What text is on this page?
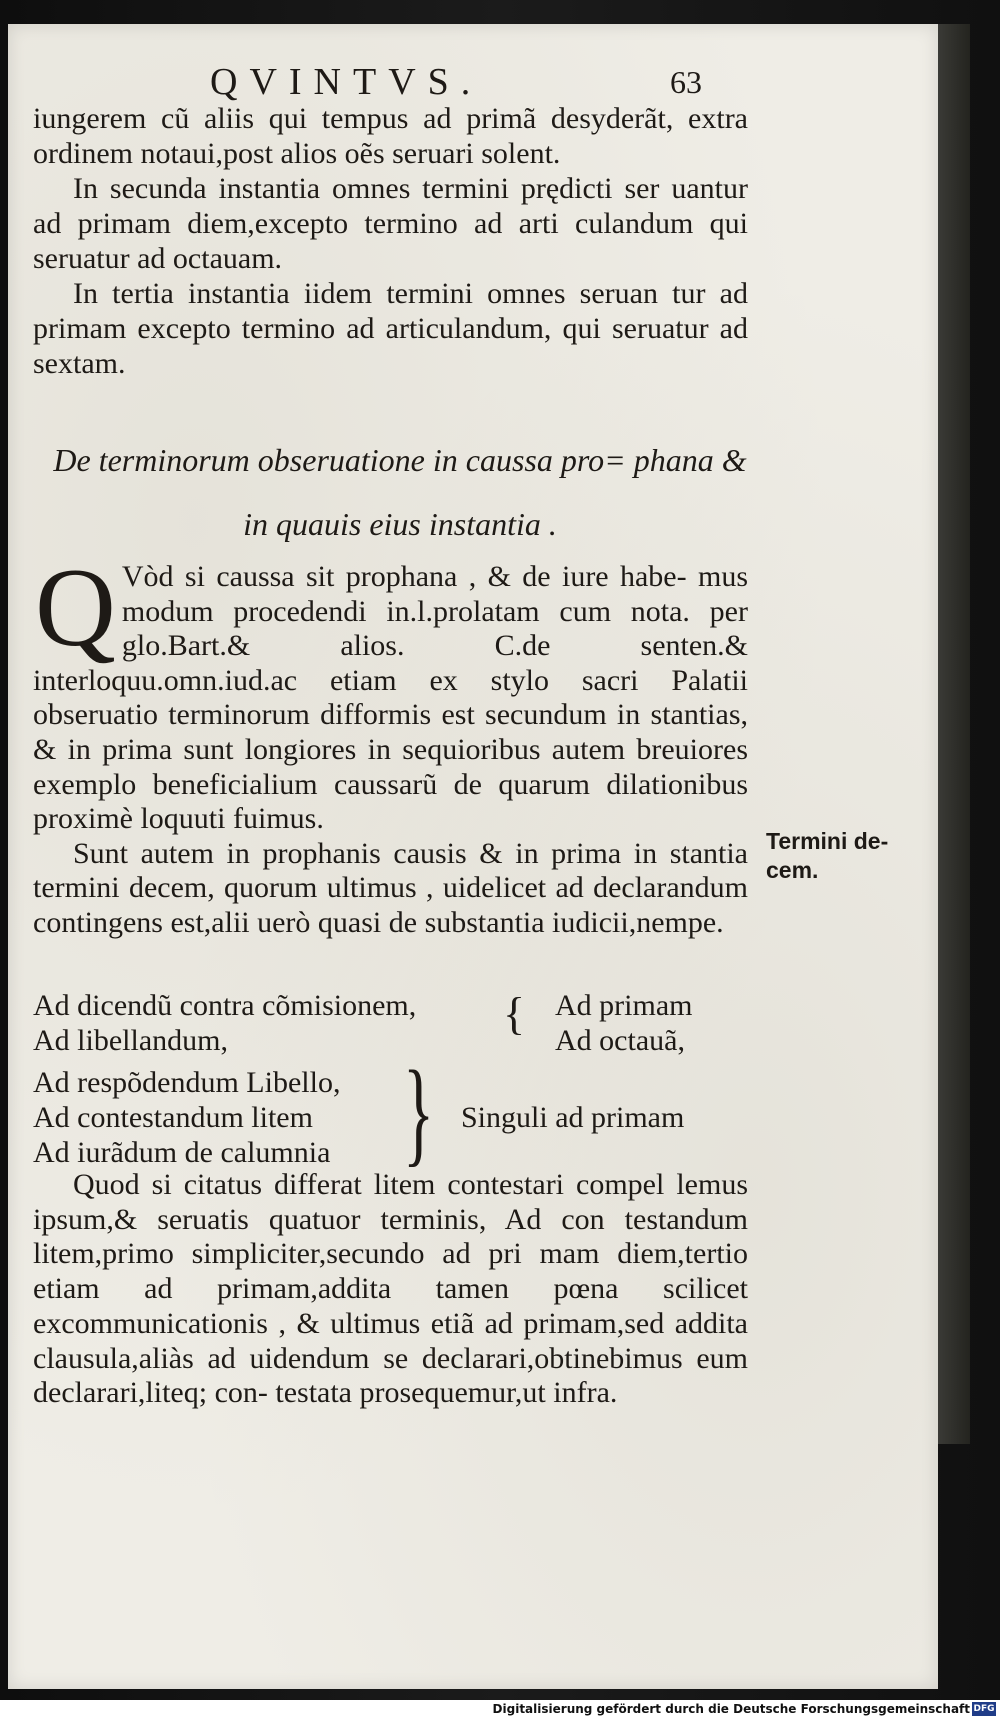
QVINTVS.	63

iungerem cũ aliis qui tempus ad primã desyderãt, extra ordinem notaui,post alios oẽs seruari solent.

In secunda instantia omnes termini prędicti ser uantur ad primam diem,excepto termino ad arti culandum qui seruatur ad octauam.

In tertia instantia iidem termini omnes seruan tur ad primam excepto termino ad articulandum, qui seruatur ad sextam.

De terminorum obseruatione in caussa pro= phana & in quauis eius instantia .

Q Vòd si caussa sit prophana , & de iure habe- mus modum procedendi in.l.prolatam cum nota. per glo.Bart.& alios. C.de senten.& interloquu.omn.iud.ac etiam ex stylo sacri Palatii obseruatio terminorum difformis est secundum in stantias, & in prima sunt longiores in sequioribus autem breuiores exemplo beneficialium caussarũ de quarum dilationibus proximè loquuti fuimus.

Sunt autem in prophanis causis & in prima in stantia termini decem, quorum ultimus , uidelicet ad declarandum contingens est,alii uerò quasi de substantia iudicii,nempe.

Termini de- cem.
Ad dicendũ contra cõmisionem,
Ad libellandum,
{ Ad primam
Ad octauã,
Ad respõdendum Libello,
Ad contestandum litem
Ad iurãdum de calumnia } Singuli ad primam

Quod si citatus differat litem contestari compel lemus ipsum,& seruatis quatuor terminis, Ad con testandum litem,primo simpliciter,secundo ad pri mam diem,tertio etiam ad primam,addita tamen pœna scilicet excommunicationis , & ultimus etiã ad primam,sed addita clausula,aliàs ad uidendum se declarari,obtinebimus eum declarari,liteq; con- testata prosequemur,ut infra.

Digitalisierung gefördert durch die Deutsche Forschungsgemeinschaft DFG
